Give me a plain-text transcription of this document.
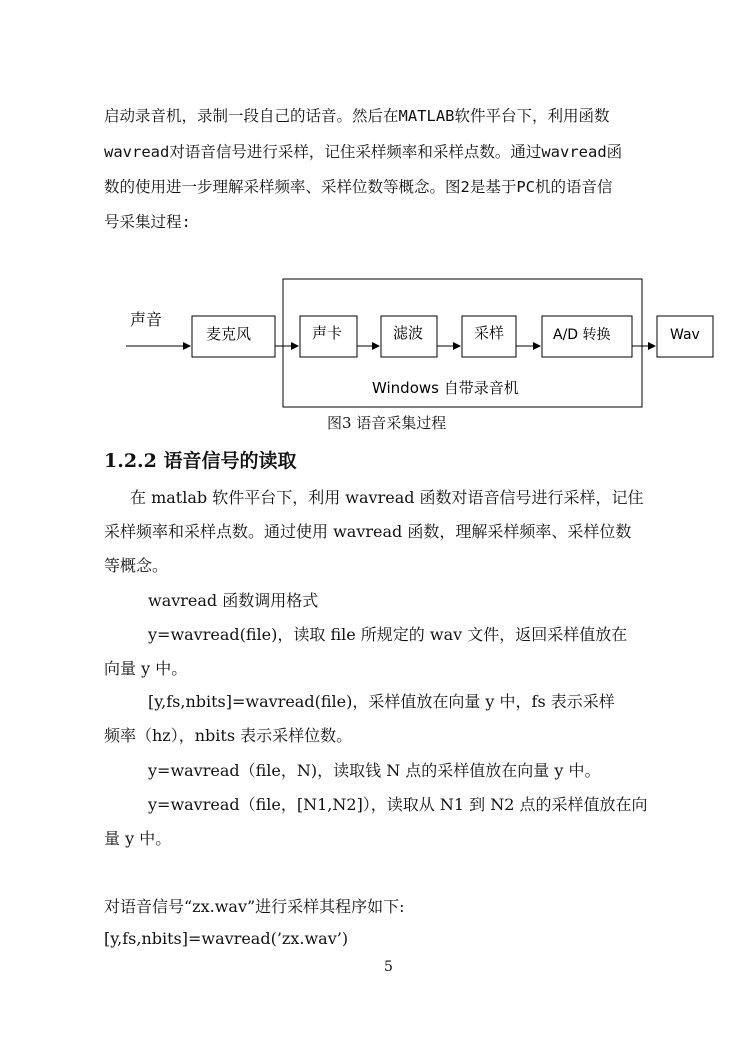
启动录音机，录制一段自己的话音。然后在MATLAB软件平台下，利用函数
wavread对语音信号进行采样，记住采样频率和采样点数。通过wavread函
数的使用进一步理解采样频率、采样位数等概念。图2是基于PC机的语音信
号采集过程:
声音
麦克风	声卡	滤波	采样	A/D 转换	Wav
Windows 自带录音机
图3 语音采集过程
1.2.2 语音信号的读取
在 matlab 软件平台下，利用 wavread 函数对语音信号进行采样，记住
采样频率和采样点数。通过使用 wavread 函数，理解采样频率、采样位数
等概念。
wavread 函数调用格式
y=wavread(file)，读取 file 所规定的 wav 文件，返回采样值放在
向量 y 中。
[y,fs,nbits]=wavread(file)，采样值放在向量 y 中，fs 表示采样
频率（hz），nbits 表示采样位数。
y=wavread（file，N)，读取钱 N 点的采样值放在向量 y 中。
y=wavread（file，[N1,N2]），读取从 N1 到 N2 点的采样值放在向
量 y 中。
对语音信号“zx.wav”进行采样其程序如下:
[y,fs,nbits]=wavread(’zx.wav’)
5
